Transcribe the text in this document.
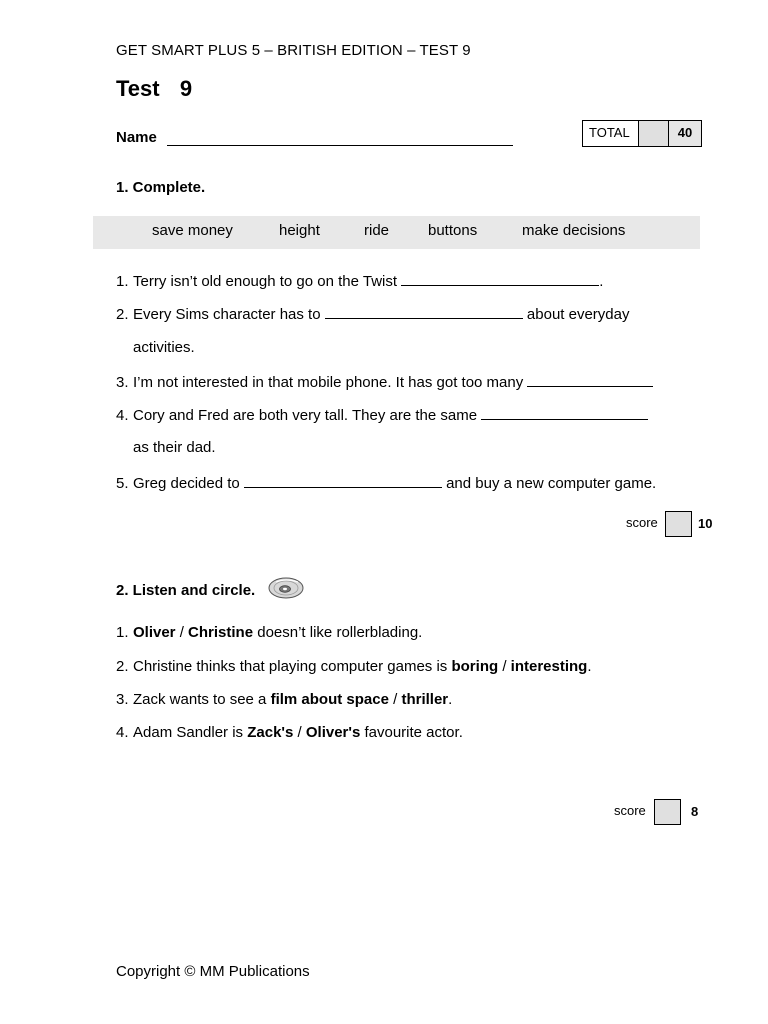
GET SMART PLUS 5 – BRITISH EDITION – TEST 9
Test  9
Name	TOTAL	40
1. Complete.
save money	height	ride	buttons	make decisions
1. Terry isn’t old enough to go on the Twist	.
2. Every Sims character has to	about everyday
activities.
3. I’m not interested in that mobile phone. It has got too many
4. Cory and Fred are both very tall. They are the same
as their dad.
5. Greg decided to	and buy a new computer game.
score	10
2. Listen and circle.
1. Oliver / Christine doesn’t like rollerblading.
2. Christine thinks that playing computer games is boring / interesting.
3. Zack wants to see a film about space / thriller.
4. Adam Sandler is Zack's / Oliver's favourite actor.
score	8
Copyright © MM Publications
